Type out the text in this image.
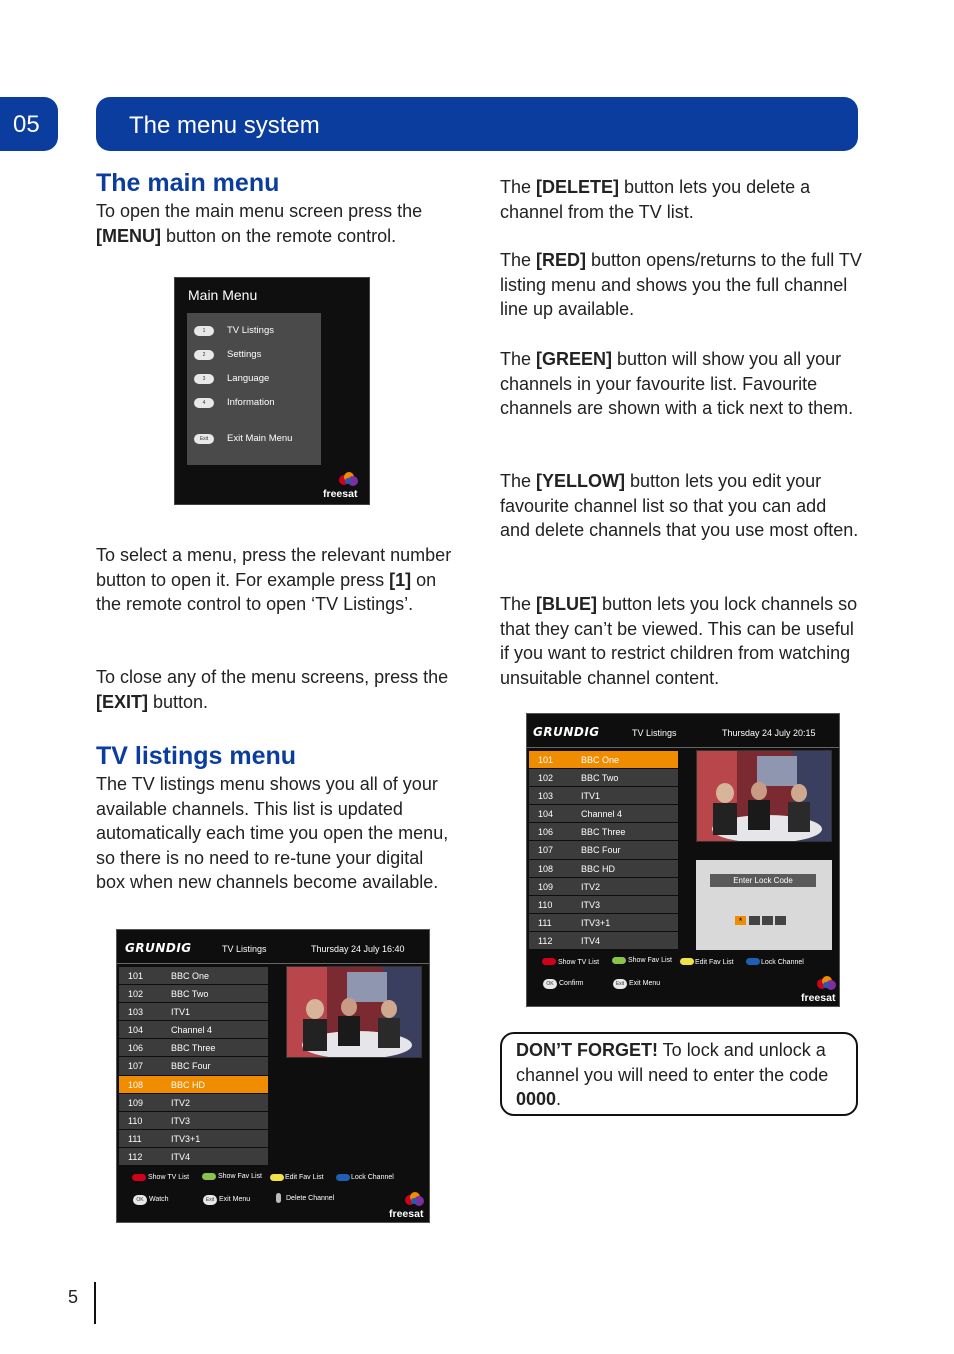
05	The menu system
The main menu
To open the main menu screen press the [MENU] button on the remote control.
Main Menu
1	TV Listings
2	Settings
3	Language
4	Information
Exit	Exit Main Menu
freesat
To select a menu, press the relevant number button to open it. For example press [1] on the remote control to open ‘TV Listings’.
To close any of the menu screens, press the [EXIT] button.
TV listings menu
The TV listings menu shows you all of your available channels. This list is updated automatically each time you open the menu, so there is no need to re-tune your digital box when new channels become available.
GRUNDIG	TV Listings	Thursday 24 July 16:40
101	BBC One
102	BBC Two
103	ITV1
104	Channel 4
106	BBC Three
107	BBC Four
108	BBC HD
109	ITV2
110	ITV3
111	ITV3+1
112	ITV4
Show TV List	Show Fav List	Edit Fav List	Lock Channel
OK Watch	Exit Exit Menu	Delete Channel
freesat
The [DELETE] button lets you delete a channel from the TV list.
The [RED] button opens/returns to the full TV listing menu and shows you the full channel line up available.
The [GREEN] button will show you all your channels in your favourite list. Favourite channels are shown with a tick next to them.
The [YELLOW] button lets you edit your favourite channel list so that you can add and delete channels that you use most often.
The [BLUE] button lets you lock channels so that they can’t be viewed. This can be useful if you want to restrict children from watching unsuitable channel content.
GRUNDIG	TV Listings	Thursday 24 July 20:15
101	BBC One
102	BBC Two
103	ITV1
104	Channel 4
106	BBC Three
107	BBC Four
108	BBC HD
109	ITV2
110	ITV3
111	ITV3+1
112	ITV4
Enter Lock Code
*
Show TV List	Show Fav List	Edit Fav List	Lock Channel
OK Confirm	Exit Exit Menu
freesat

DON’T FORGET! To lock and unlock a channel you will need to enter the code 0000.

5
